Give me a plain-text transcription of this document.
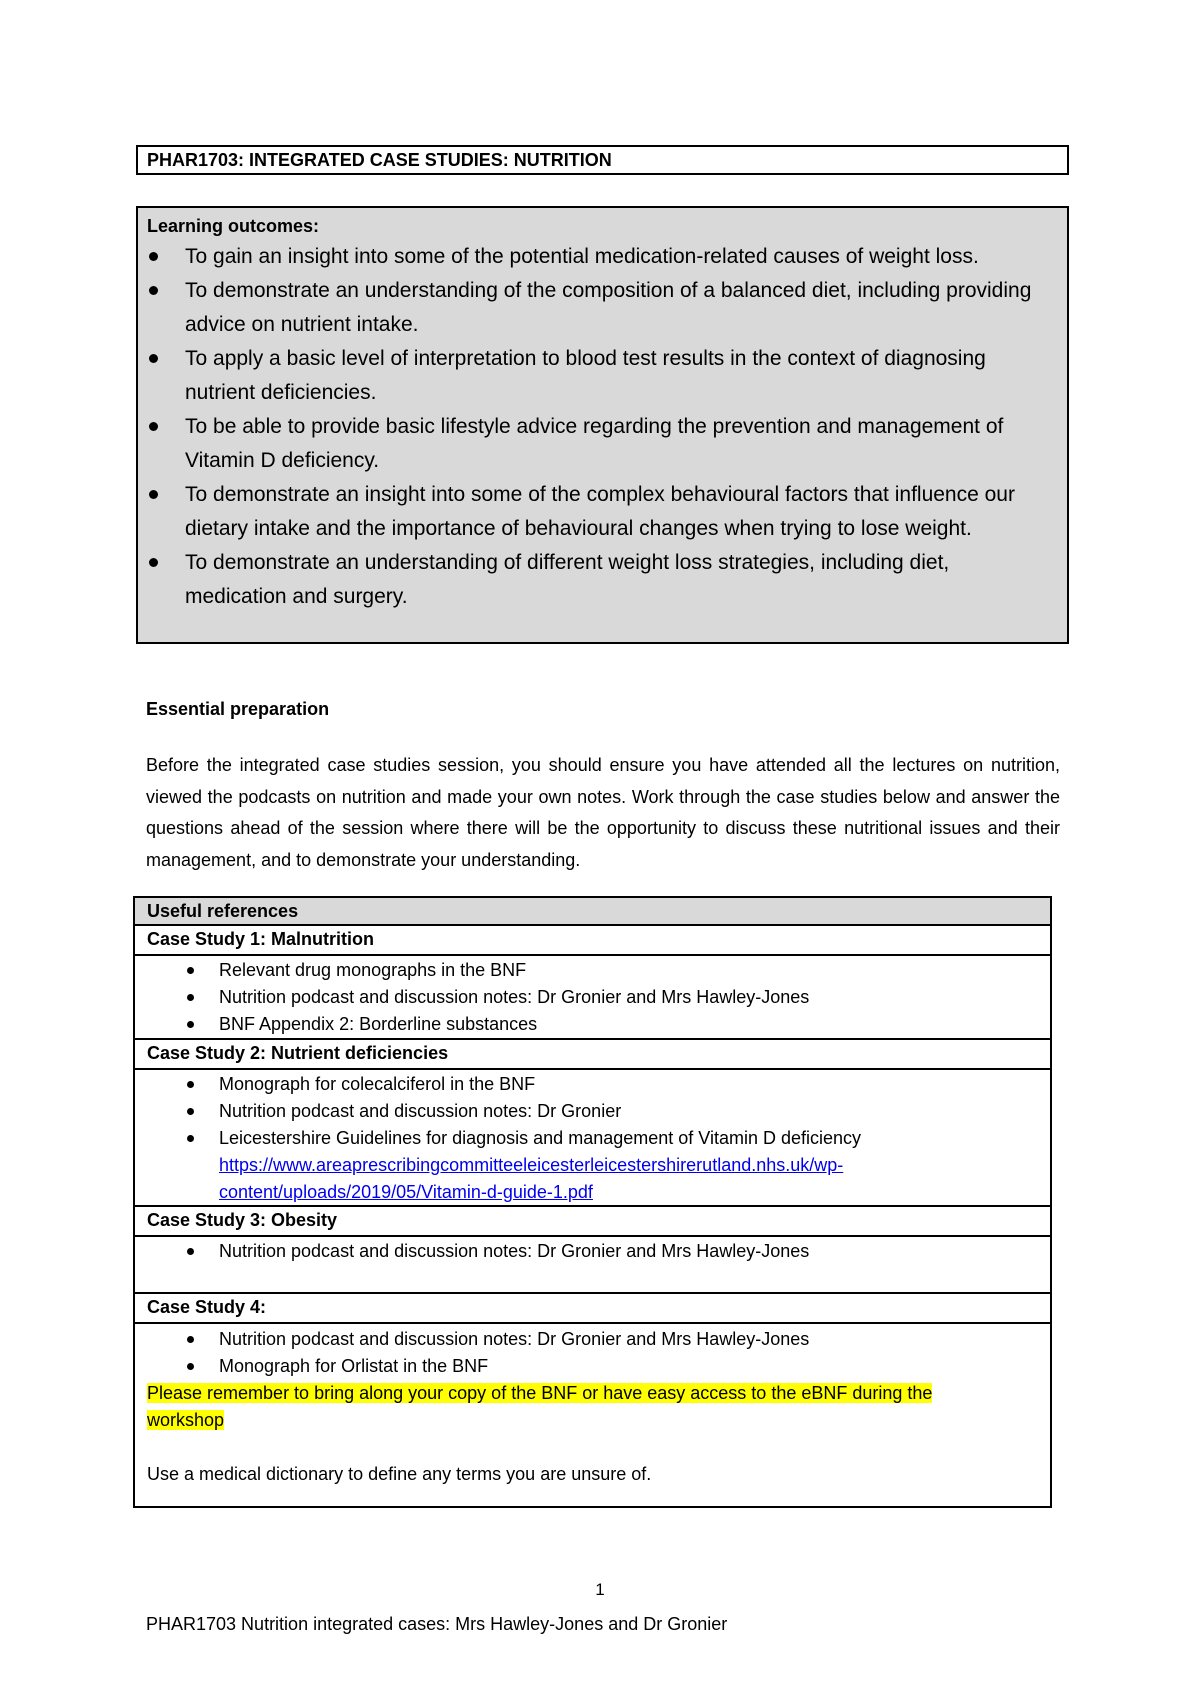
PHAR1703: INTEGRATED CASE STUDIES: NUTRITION
Learning outcomes:
To gain an insight into some of the potential medication-related causes of weight loss.
To demonstrate an understanding of the composition of a balanced diet, including providing advice on nutrient intake.
To apply a basic level of interpretation to blood test results in the context of diagnosing nutrient deficiencies.
To be able to provide basic lifestyle advice regarding the prevention and management of Vitamin D deficiency.
To demonstrate an insight into some of the complex behavioural factors that influence our dietary intake and the importance of behavioural changes when trying to lose weight.
To demonstrate an understanding of different weight loss strategies, including diet, medication and surgery.
Essential preparation
Before the integrated case studies session, you should ensure you have attended all the lectures on nutrition, viewed the podcasts on nutrition and made your own notes. Work through the case studies below and answer the questions ahead of the session where there will be the opportunity to discuss these nutritional issues and their management, and to demonstrate your understanding.
Useful references
Case Study 1: Malnutrition
Relevant drug monographs in the BNF
Nutrition podcast and discussion notes: Dr Gronier and Mrs Hawley-Jones
BNF Appendix 2: Borderline substances
Case Study 2: Nutrient deficiencies
Monograph for colecalciferol in the BNF
Nutrition podcast and discussion notes: Dr Gronier
Leicestershire Guidelines for diagnosis and management of Vitamin D deficiency
https://www.areaprescribingcommitteeleicesterleicestershirerutland.nhs.uk/wp-
content/uploads/2019/05/Vitamin-d-guide-1.pdf
Case Study 3: Obesity
Nutrition podcast and discussion notes: Dr Gronier and Mrs Hawley-Jones
Case Study 4:
Nutrition podcast and discussion notes: Dr Gronier and Mrs Hawley-Jones
Monograph for Orlistat in the BNF
Please remember to bring along your copy of the BNF or have easy access to the eBNF during the
workshop
Use a medical dictionary to define any terms you are unsure of.
1
PHAR1703 Nutrition integrated cases: Mrs Hawley-Jones and Dr Gronier
